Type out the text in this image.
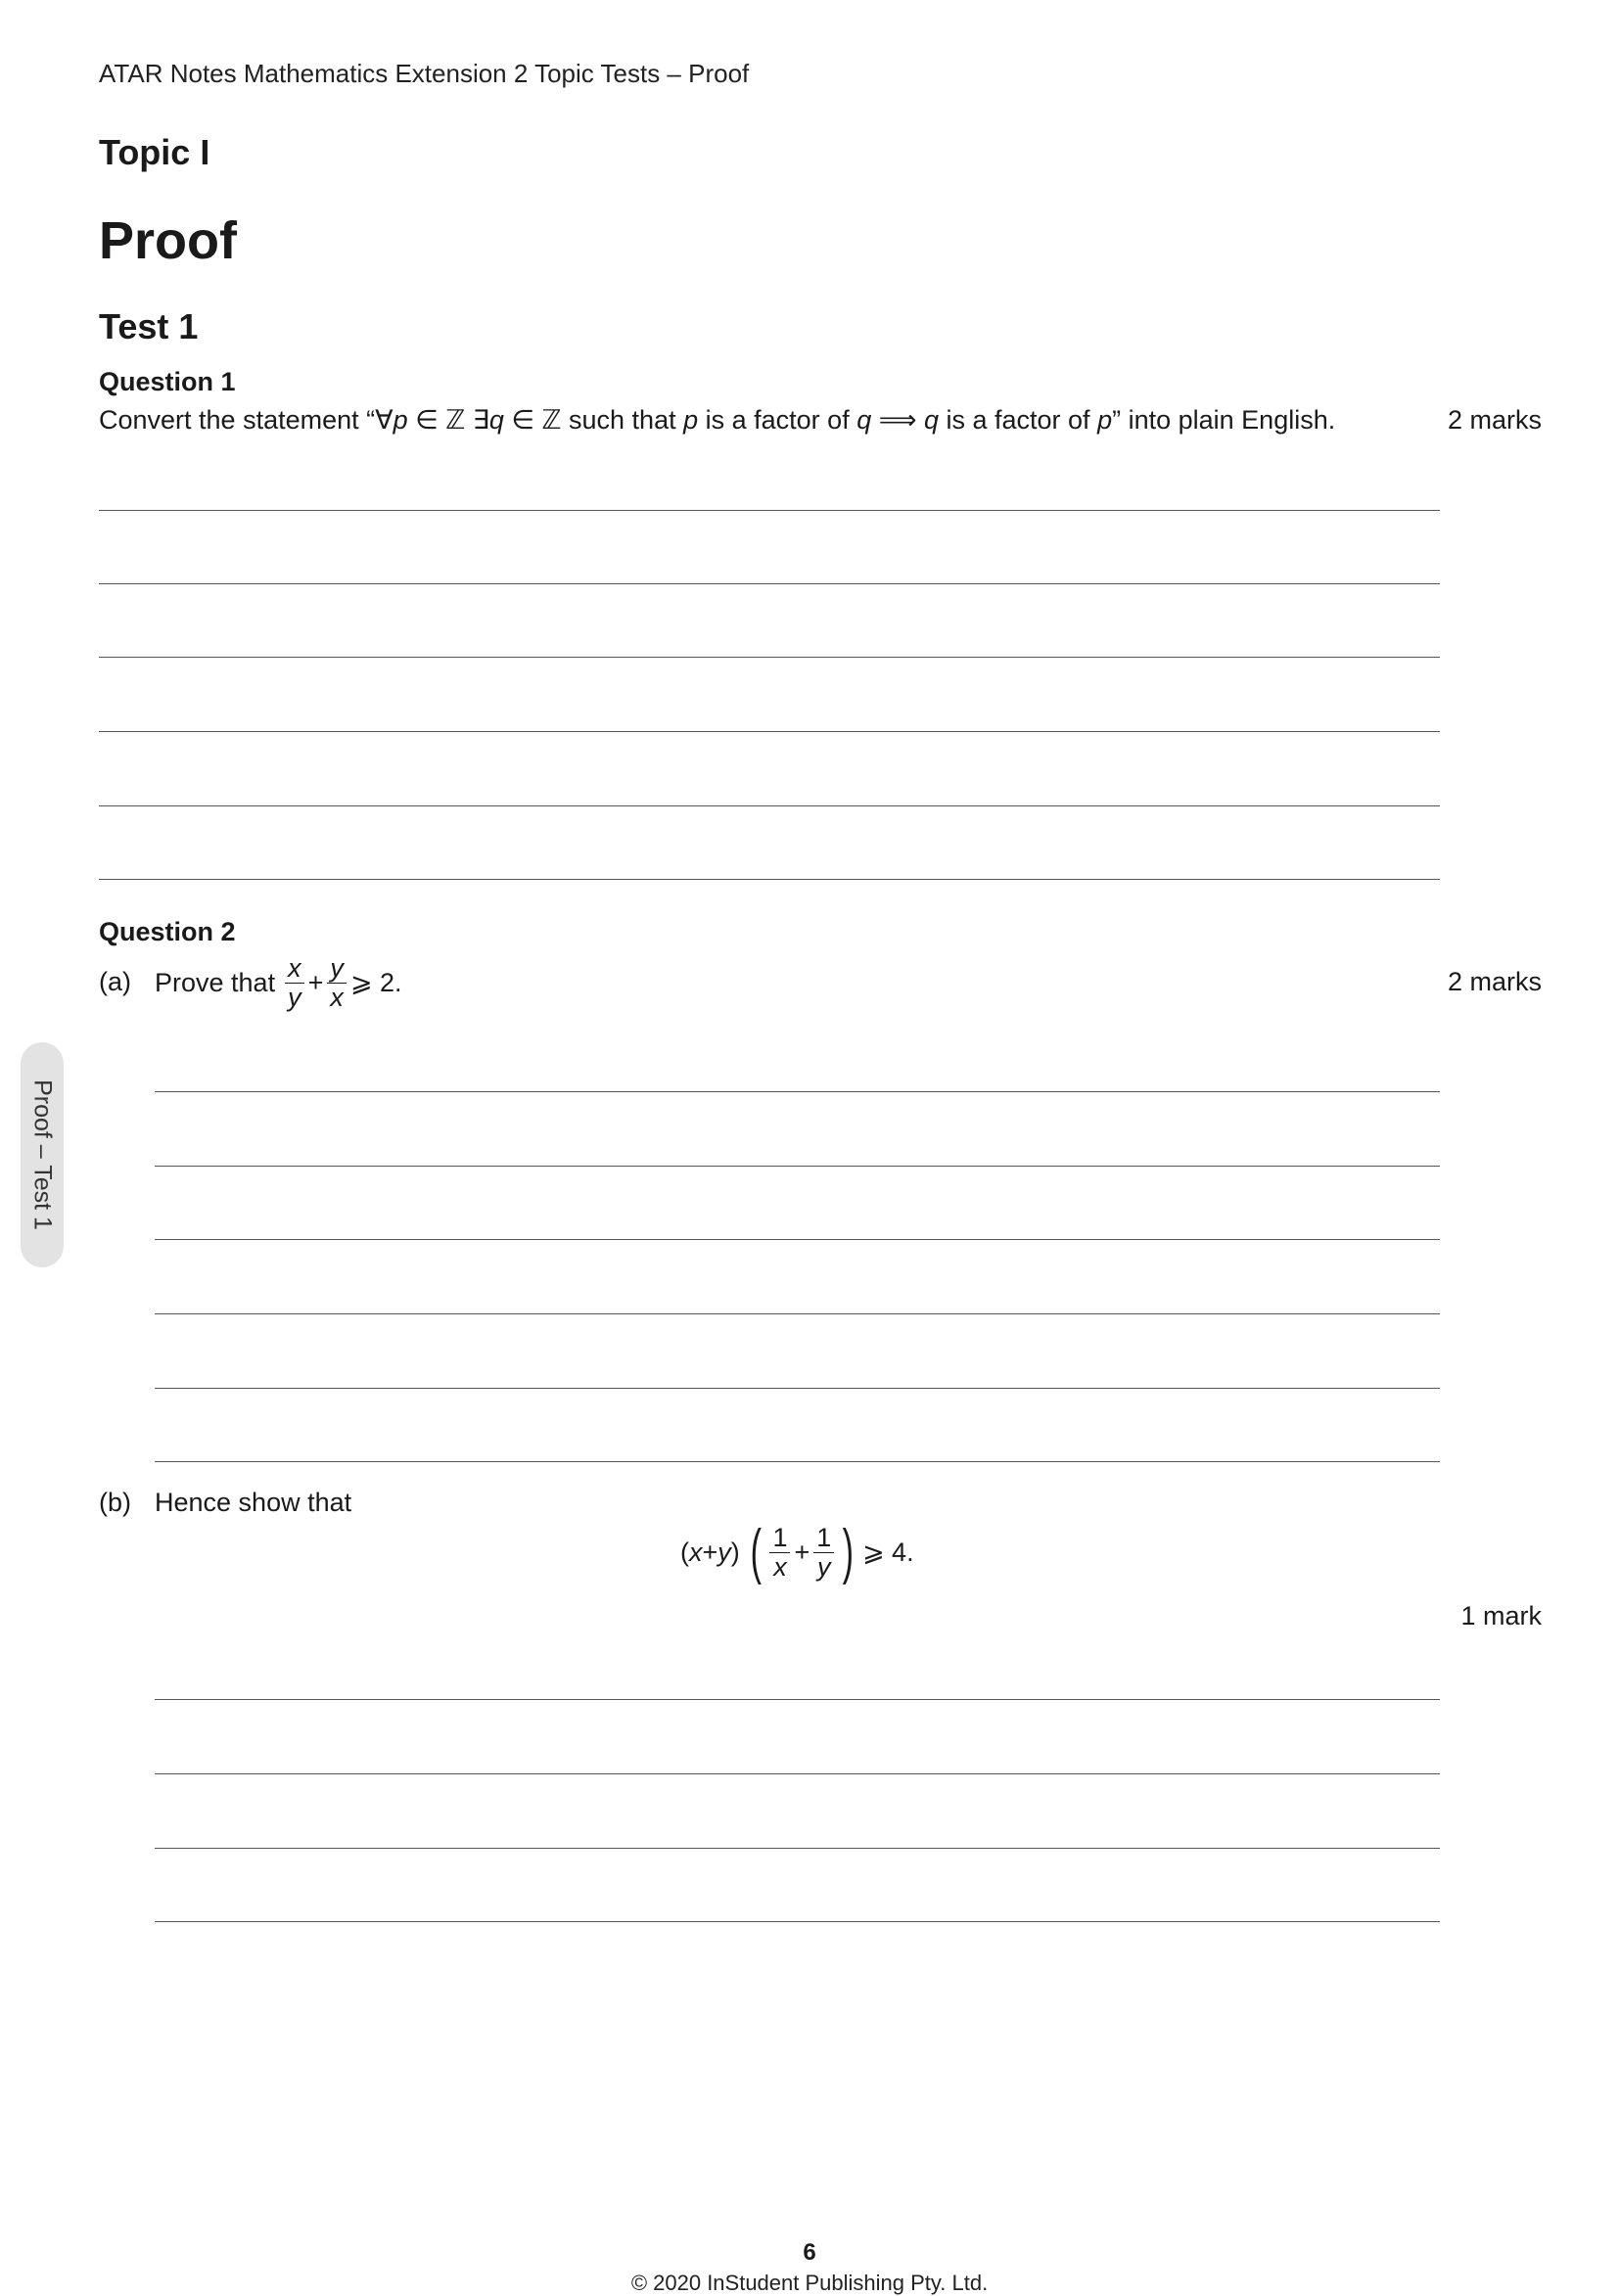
ATAR Notes Mathematics Extension 2 Topic Tests – Proof
Topic I
Proof
Test 1
Question 1
Convert the statement “∀p ∈ ℤ ∃q ∈ ℤ such that p is a factor of q ⟹ q is a factor of p” into plain English.	2 marks
Question 2
(a) Prove that $\frac{x}{y} + \frac{y}{x}$ ⩾ 2.	2 marks
(b) Hence show that
( x + y ) ( $\frac{1}{x} + \frac{1}{y}$ ) ⩾ 4.
1 mark
Proof – Test 1
6
© 2020 InStudent Publishing Pty. Ltd.
